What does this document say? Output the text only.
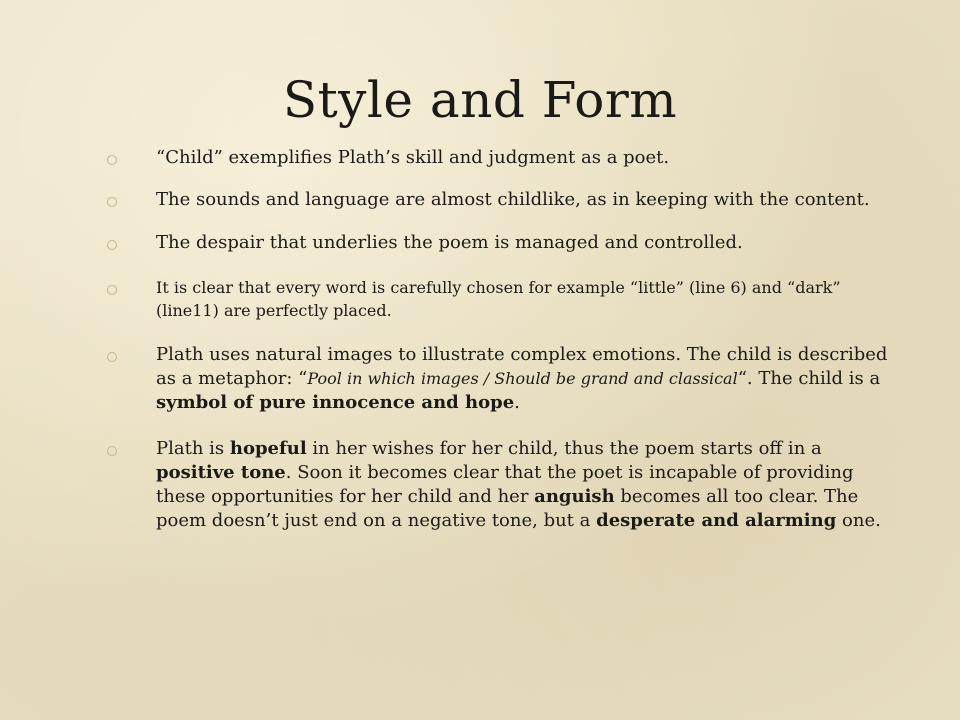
Style and Form
“Child” exemplifies Plath’s skill and judgment as a poet.
The sounds and language are almost childlike, as in keeping with the content.
The despair that underlies the poem is managed and controlled.
It is clear that every word is carefully chosen for example “little” (line 6) and “dark” (line11) are perfectly placed.
Plath uses natural images to illustrate complex emotions. The child is described as a metaphor: “Pool in which images / Should be grand and classical“. The child is a symbol of pure innocence and hope.
Plath is hopeful in her wishes for her child, thus the poem starts off in a positive tone. Soon it becomes clear that the poet is incapable of providing these opportunities for her child and her anguish becomes all too clear. The poem doesn’t just end on a negative tone, but a desperate and alarming one.
